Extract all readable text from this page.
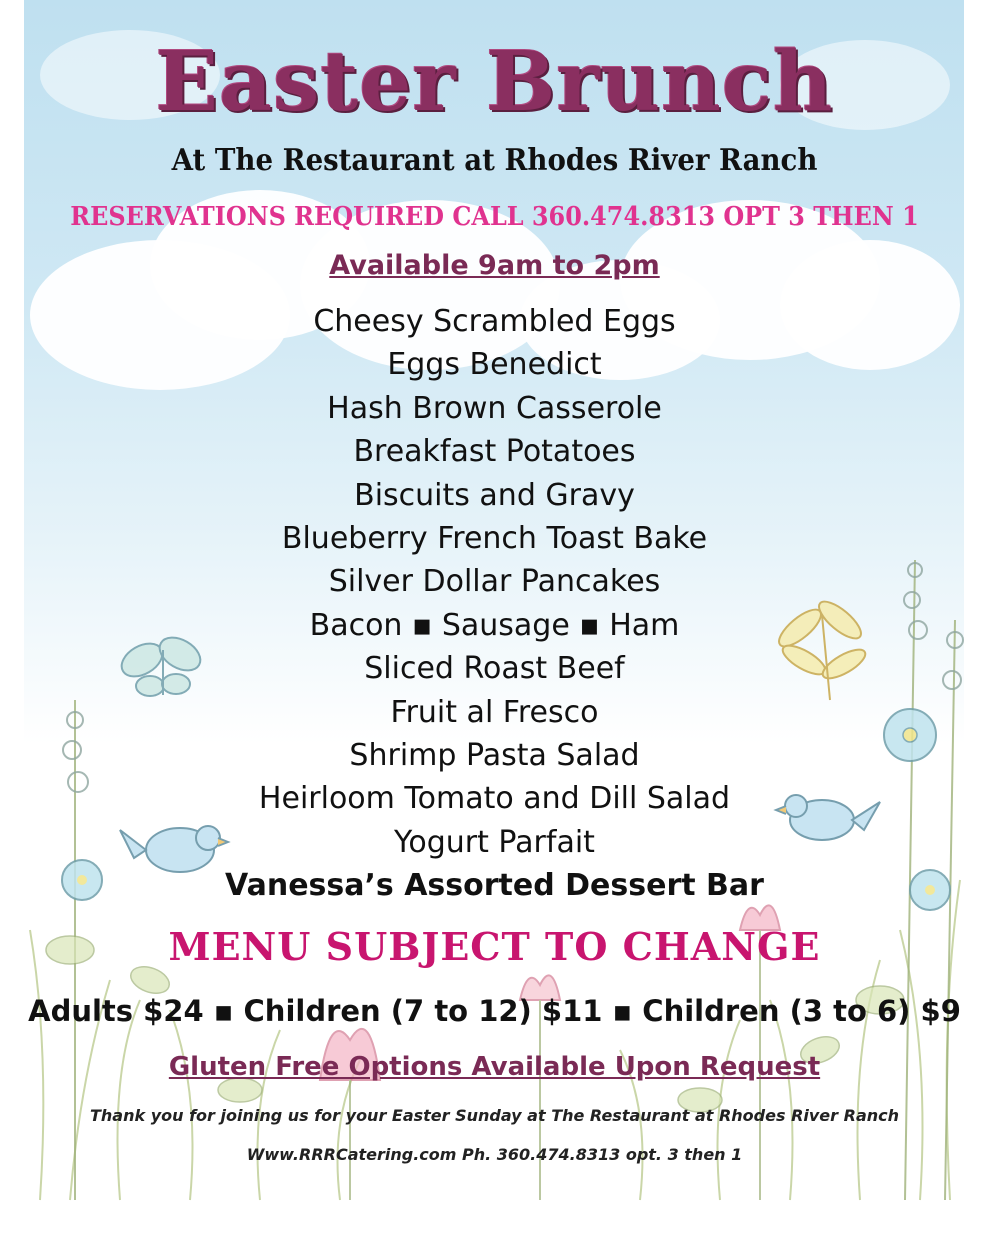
Easter Brunch
At The Restaurant at Rhodes River Ranch
RESERVATIONS REQUIRED CALL 360.474.8313 OPT 3 THEN 1
Available 9am to 2pm
Cheesy Scrambled Eggs
Eggs Benedict
Hash Brown Casserole
Breakfast Potatoes
Biscuits and Gravy
Blueberry French Toast Bake
Silver Dollar Pancakes
Bacon ▪ Sausage ▪ Ham
Sliced Roast Beef
Fruit al Fresco
Shrimp Pasta Salad
Heirloom Tomato and Dill Salad
Yogurt Parfait
Vanessa’s Assorted Dessert Bar
MENU SUBJECT TO CHANGE
Adults $24 ▪ Children (7 to 12) $11 ▪ Children (3 to 6) $9
Gluten Free Options Available Upon Request
Thank you for joining us for your Easter Sunday at The Restaurant at Rhodes River Ranch
Www.RRRCatering.com Ph. 360.474.8313 opt. 3 then 1
